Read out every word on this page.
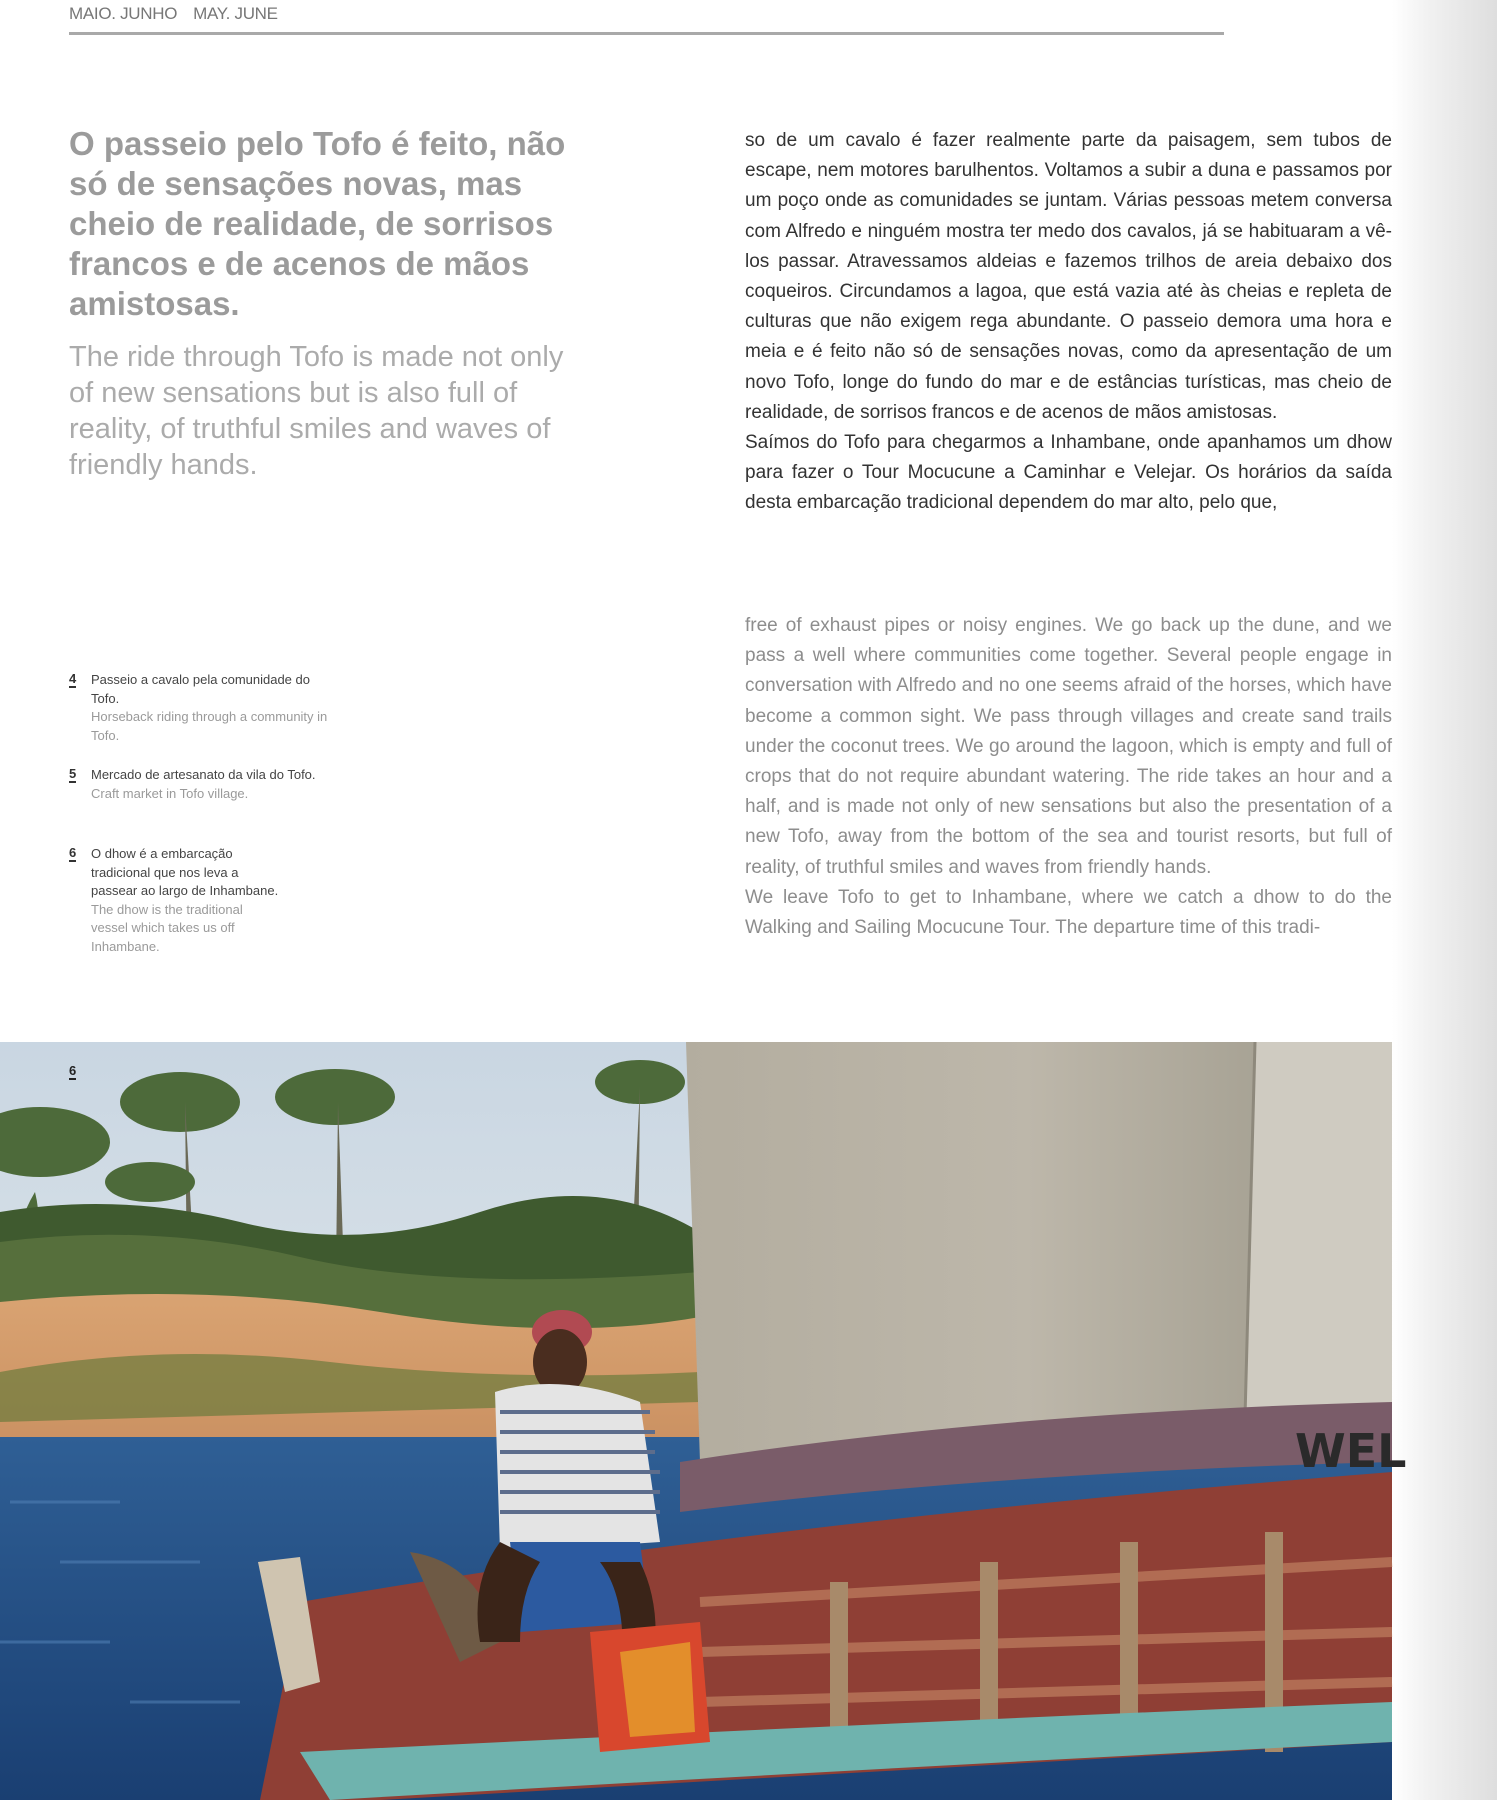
MAIO. JUNHO MAY. JUNE
O passeio pelo Tofo é feito, não só de sensações novas, mas cheio de realidade, de sorrisos francos e de acenos de mãos amistosas.
The ride through Tofo is made not only of new sensations but is also full of reality, of truthful smiles and waves of friendly hands.

so de um cavalo é fazer realmente parte da paisagem, sem tubos de escape, nem motores barulhentos. Voltamos a subir a duna e passamos por um poço onde as comunidades se juntam. Várias pessoas metem conversa com Alfredo e ninguém mostra ter medo dos cavalos, já se habituaram a vê-los passar. Atravessamos aldeias e fazemos trilhos de areia debaixo dos coqueiros. Circundamos a lagoa, que está vazia até às cheias e repleta de culturas que não exigem rega abundante. O passeio demora uma hora e meia e é feito não só de sensações novas, como da apresentação de um novo Tofo, longe do fundo do mar e de estâncias turísticas, mas cheio de realidade, de sorrisos francos e de acenos de mãos amistosas.

Saímos do Tofo para chegarmos a Inhambane, onde apanhamos um dhow para fazer o Tour Mocucune a Caminhar e Velejar. Os horários da saída desta embarcação tradicional dependem do mar alto, pelo que,

free of exhaust pipes or noisy engines. We go back up the dune, and we pass a well where communities come together. Several people engage in conversation with Alfredo and no one seems afraid of the horses, which have become a common sight. We pass through villages and create sand trails under the coconut trees. We go around the lagoon, which is empty and full of crops that do not require abundant watering. The ride takes an hour and a half, and is made not only of new sensations but also the presentation of a new Tofo, away from the bottom of the sea and tourist resorts, but full of reality, of truthful smiles and waves from friendly hands.

We leave Tofo to get to Inhambane, where we catch a dhow to do the Walking and Sailing Mocucune Tour. The departure time of this tradi-

4 Passeio a cavalo pela comunidade do Tofo.
Horseback riding through a community in Tofo.
5 Mercado de artesanato da vila do Tofo.
Craft market in Tofo village.
6 O dhow é a embarcação tradicional que nos leva a passear ao largo de Inhambane.
The dhow is the traditional vessel which takes us off Inhambane.
WEL
6
